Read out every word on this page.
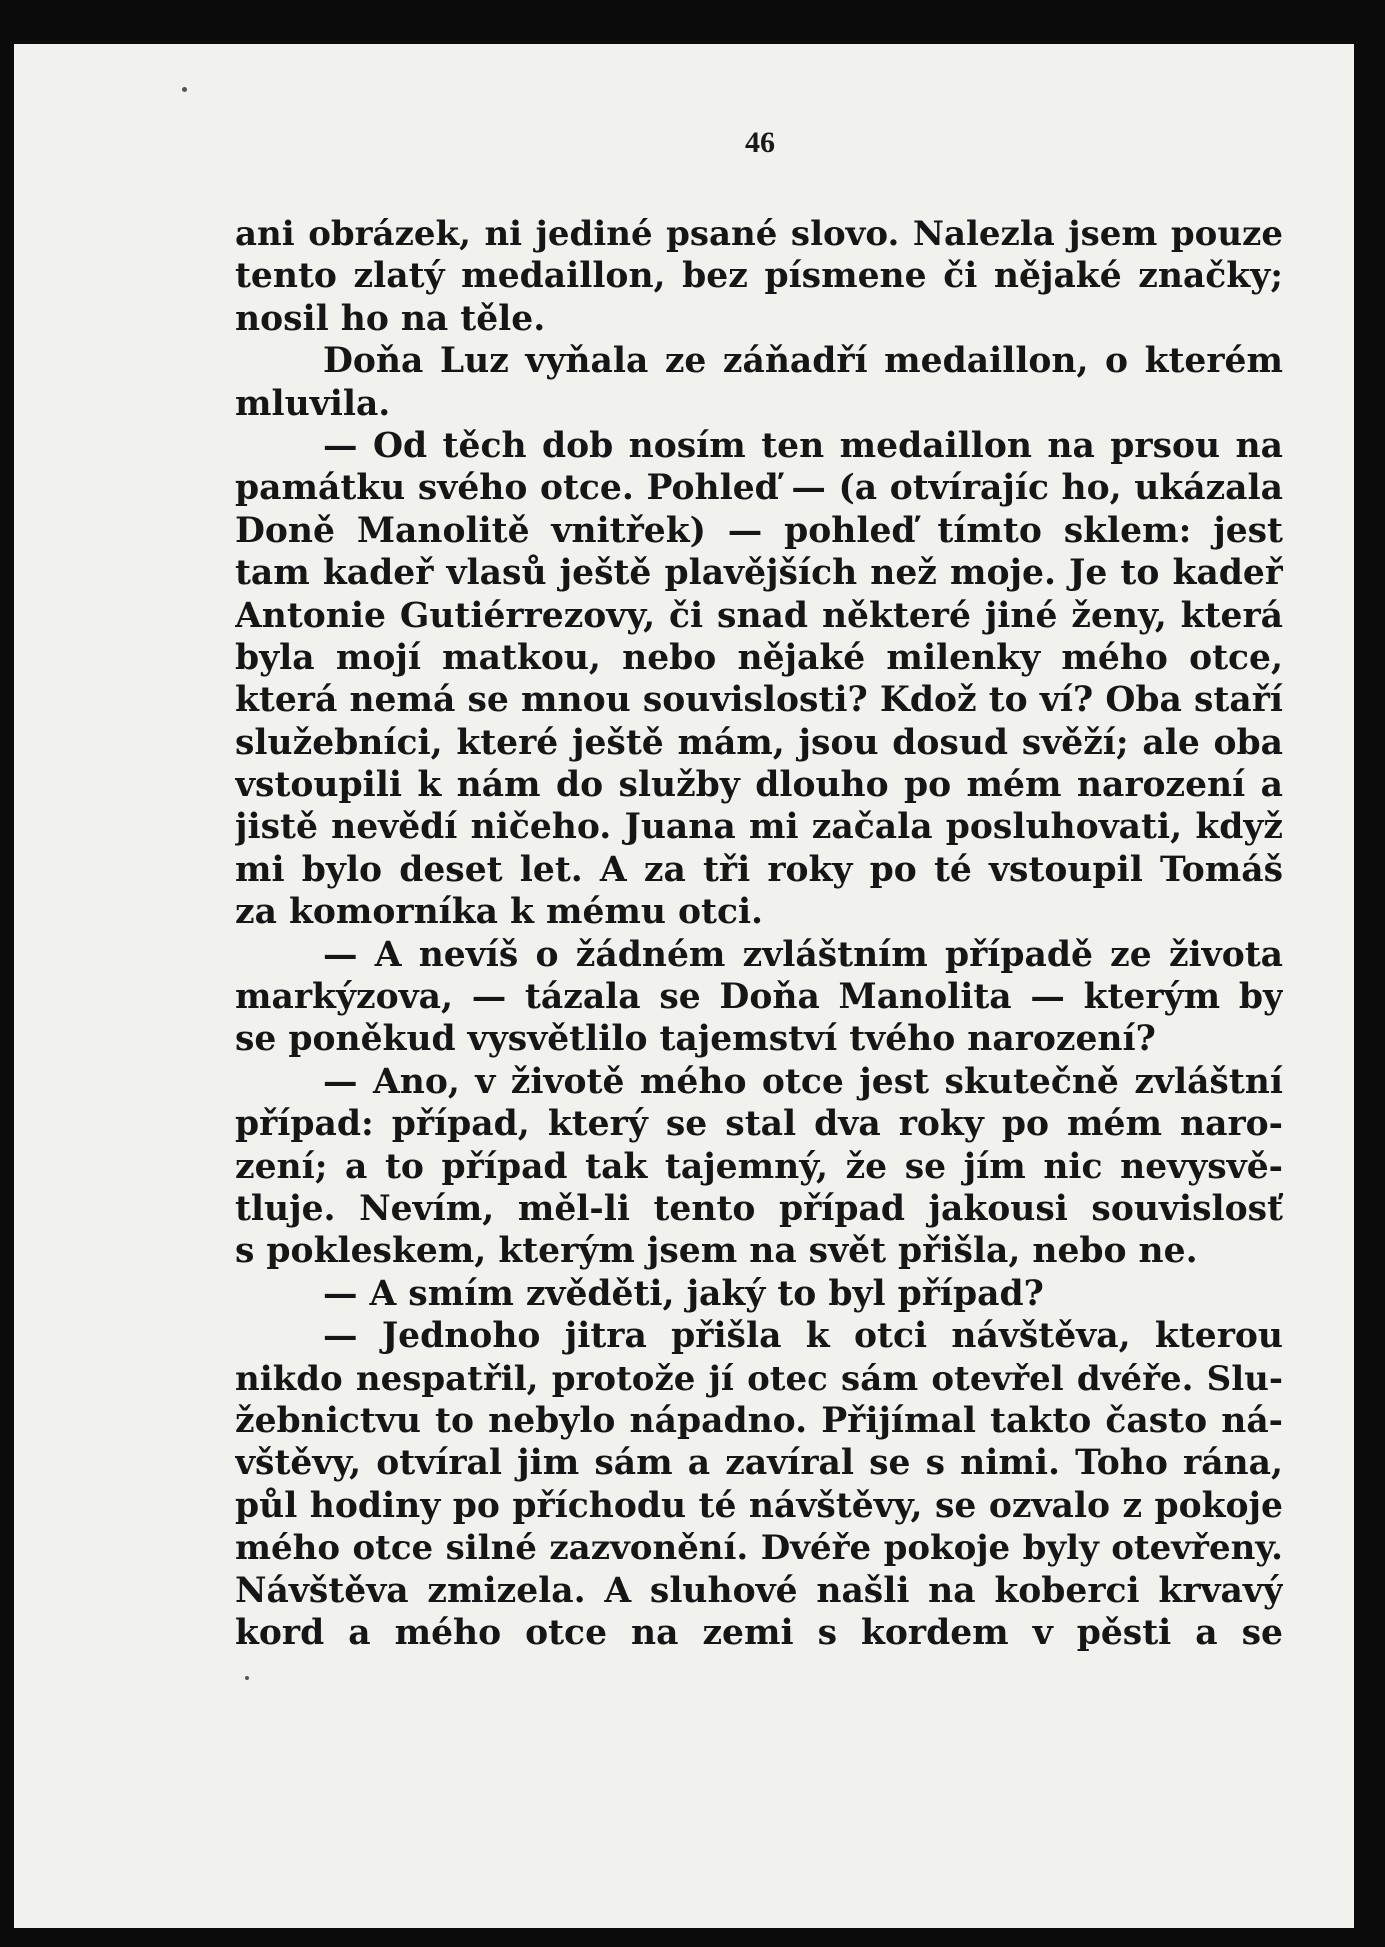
46
ani obrázek, ni jediné psané slovo. Nalezla jsem pouze
tento zlatý medaillon, bez písmene či nějaké značky;
nosil ho na těle.
Doňa Luz vyňala ze záňadří medaillon, o kterém
mluvila.
— Od těch dob nosím ten medaillon na prsou na
památku svého otce. Pohleď — (a otvírajíc ho, ukázala
Doně Manolitě vnitřek) — pohleď tímto sklem: jest
tam kadeř vlasů ještě plavějších než moje. Je to kadeř
Antonie Gutiérrezovy, či snad některé jiné ženy, která
byla mojí matkou, nebo nějaké milenky mého otce,
která nemá se mnou souvislosti? Kdož to ví? Oba staří
služebníci, které ještě mám, jsou dosud svěží; ale oba
vstoupili k nám do služby dlouho po mém narození a
jistě nevědí ničeho. Juana mi začala posluhovati, když
mi bylo deset let. A za tři roky po té vstoupil Tomáš
za komorníka k mému otci.
— A nevíš o žádném zvláštním případě ze života
markýzova, — tázala se Doňa Manolita — kterým by
se poněkud vysvětlilo tajemství tvého narození?
— Ano, v životě mého otce jest skutečně zvláštní
případ: případ, který se stal dva roky po mém naro-
zení; a to případ tak tajemný, že se jím nic nevysvě-
tluje. Nevím, měl-li tento případ jakousi souvislosť
s pokleskem, kterým jsem na svět přišla, nebo ne.
— A smím zvěděti, jaký to byl případ?
— Jednoho jitra přišla k otci návštěva, kterou
nikdo nespatřil, protože jí otec sám otevřel dvéře. Slu-
žebnictvu to nebylo nápadno. Přijímal takto často ná-
vštěvy, otvíral jim sám a zavíral se s nimi. Toho rána,
půl hodiny po příchodu té návštěvy, se ozvalo z pokoje
mého otce silné zazvonění. Dvéře pokoje byly otevřeny.
Návštěva zmizela. A sluhové našli na koberci krvavý
kord a mého otce na zemi s kordem v pěsti a se
